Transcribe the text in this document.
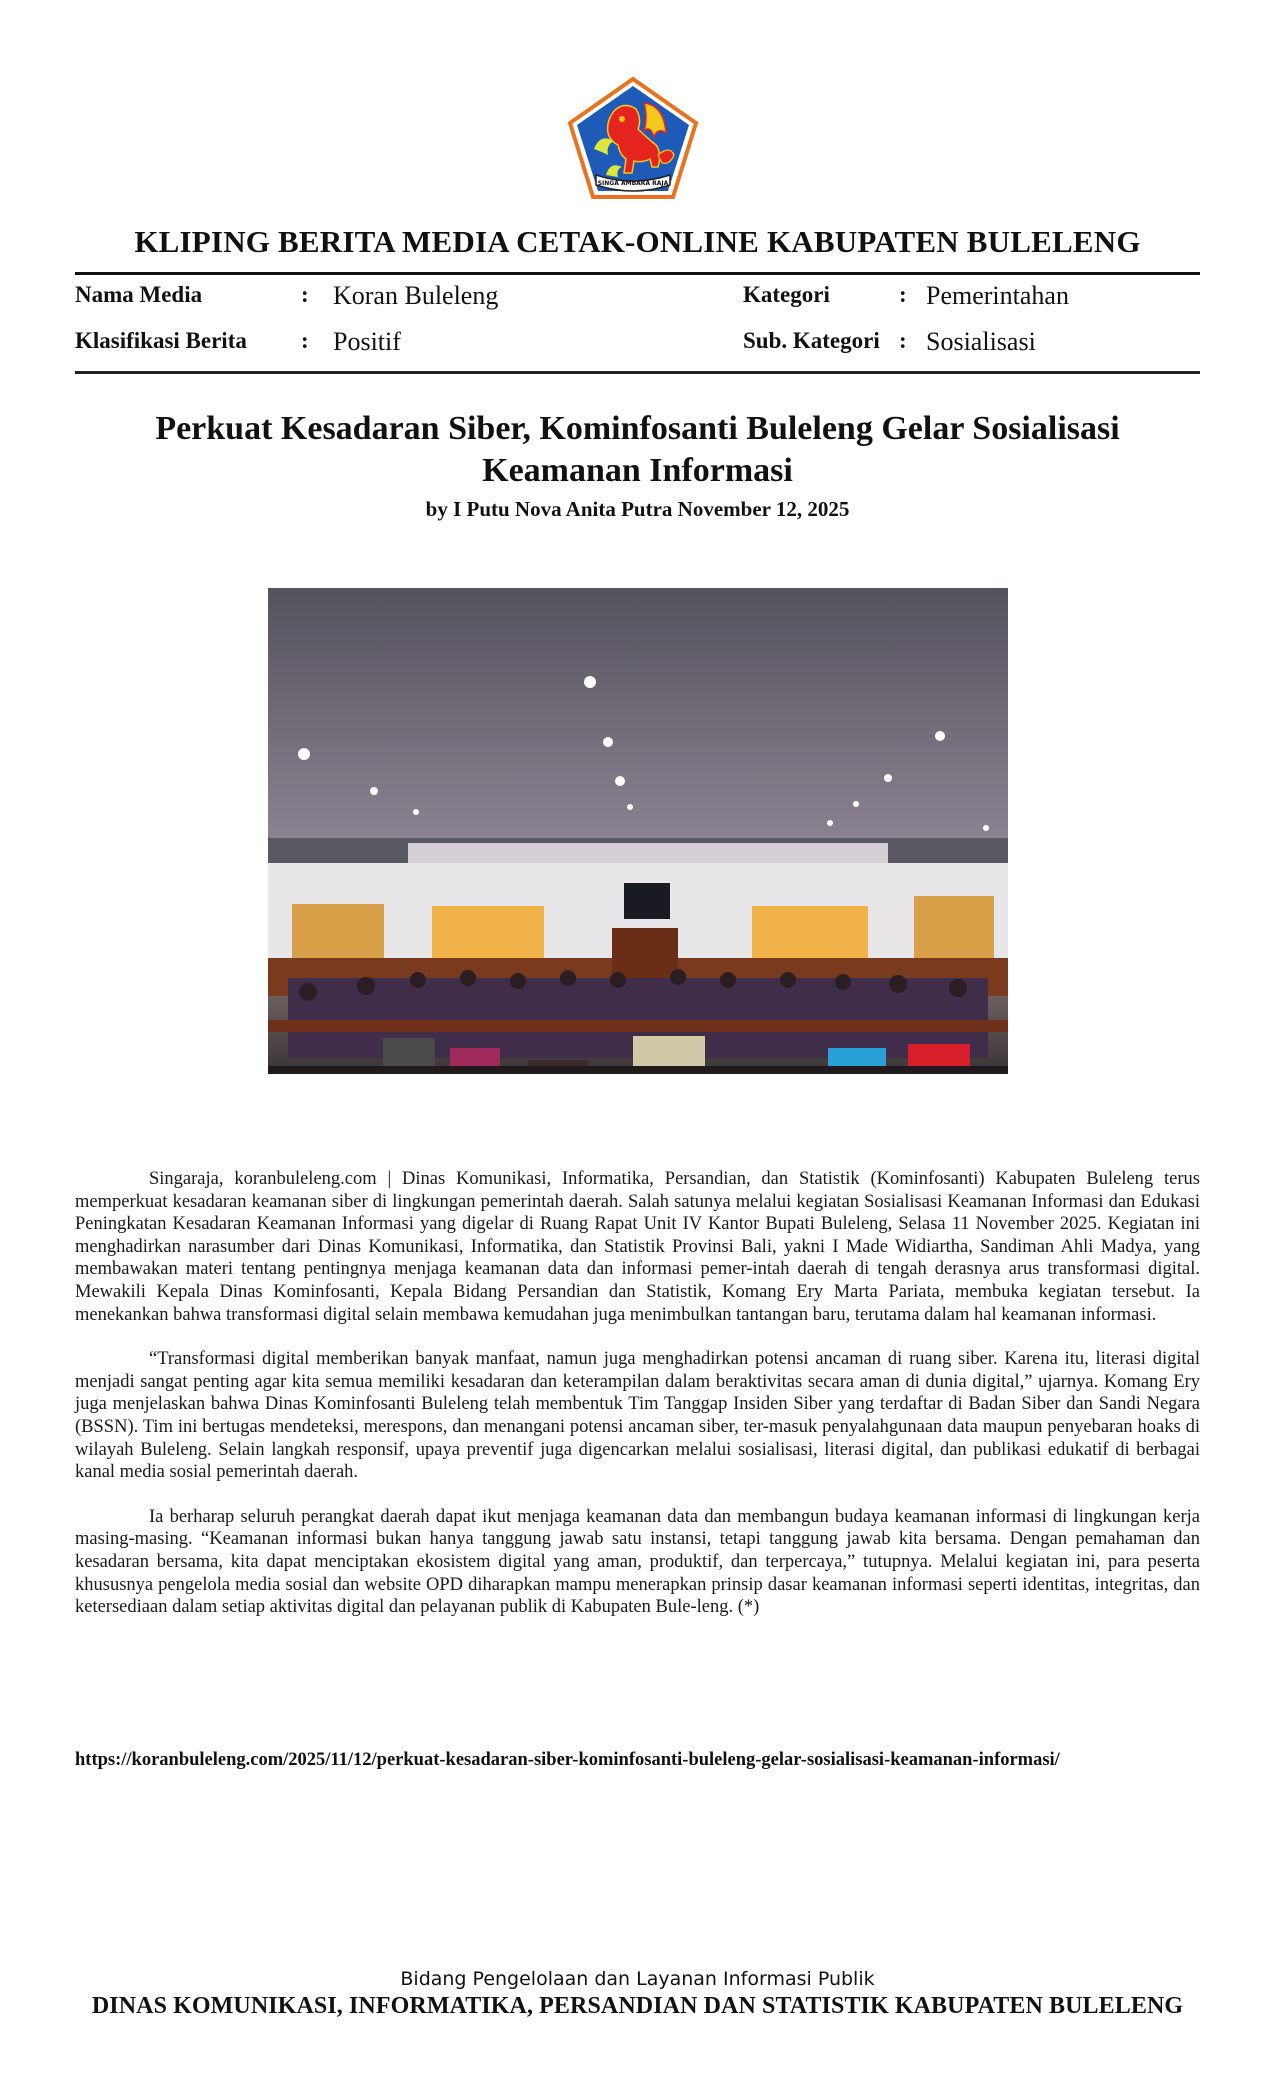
SINGA AMBARA RAJA
KLIPING BERITA MEDIA CETAK-ONLINE KABUPATEN BULELENG
Nama Media	: Koran Buleleng
Klasifikasi Berita : Positif
Kategori	: Pemerintahan
Sub. Kategori : Sosialisasi
Perkuat Kesadaran Siber, Kominfosanti Buleleng Gelar Sosialisasi
Keamanan Informasi
by I Putu Nova Anita Putra November 12, 2025

Singaraja, koranbuleleng.com | Dinas Komunikasi, Informatika, Persandian, dan Statistik (Kominfosanti) Kabupaten Buleleng terus memperkuat kesadaran keamanan siber di lingkungan pemerintah daerah. Salah satunya melalui kegiatan Sosialisasi Keamanan Informasi dan Edukasi Peningkatan Kesadaran Keamanan Informasi yang digelar di Ruang Rapat Unit IV Kantor Bupati Buleleng, Selasa 11 November 2025. Kegiatan ini menghadirkan narasumber dari Dinas Komunikasi, Informatika, dan Statistik Provinsi Bali, yakni I Made Widiartha, Sandiman Ahli Madya, yang membawakan materi tentang pentingnya menjaga keamanan data dan informasi pemer-intah daerah di tengah derasnya arus transformasi digital. Mewakili Kepala Dinas Kominfosanti, Kepala Bidang Persandian dan Statistik, Komang Ery Marta Pariata, membuka kegiatan tersebut. Ia menekankan bahwa transformasi digital selain membawa kemudahan juga menimbulkan tantangan baru, terutama dalam hal keamanan informasi.

“Transformasi digital memberikan banyak manfaat, namun juga menghadirkan potensi ancaman di ruang siber. Karena itu, literasi digital menjadi sangat penting agar kita semua memiliki kesadaran dan keterampilan dalam beraktivitas secara aman di dunia digital,” ujarnya. Komang Ery juga menjelaskan bahwa Dinas Kominfosanti Buleleng telah membentuk Tim Tanggap Insiden Siber yang terdaftar di Badan Siber dan Sandi Negara (BSSN). Tim ini bertugas mendeteksi, merespons, dan menangani potensi ancaman siber, ter-masuk penyalahgunaan data maupun penyebaran hoaks di wilayah Buleleng. Selain langkah responsif, upaya preventif juga digencarkan melalui sosialisasi, literasi digital, dan publikasi edukatif di berbagai kanal media sosial pemerintah daerah.

Ia berharap seluruh perangkat daerah dapat ikut menjaga keamanan data dan membangun budaya keamanan informasi di lingkungan kerja masing-masing. “Keamanan informasi bukan hanya tanggung jawab satu instansi, tetapi tanggung jawab kita bersama. Dengan pemahaman dan kesadaran bersama, kita dapat menciptakan ekosistem digital yang aman, produktif, dan terpercaya,” tutupnya. Melalui kegiatan ini, para peserta khususnya pengelola media sosial dan website OPD diharapkan mampu menerapkan prinsip dasar keamanan informasi seperti identitas, integritas, dan ketersediaan dalam setiap aktivitas digital dan pelayanan publik di Kabupaten Bule-leng. (*)

https://koranbuleleng.com/2025/11/12/perkuat-kesadaran-siber-kominfosanti-buleleng-gelar-sosialisasi-keamanan-informasi/
Bidang Pengelolaan dan Layanan Informasi Publik
DINAS KOMUNIKASI, INFORMATIKA, PERSANDIAN DAN STATISTIK KABUPATEN BULELENG
